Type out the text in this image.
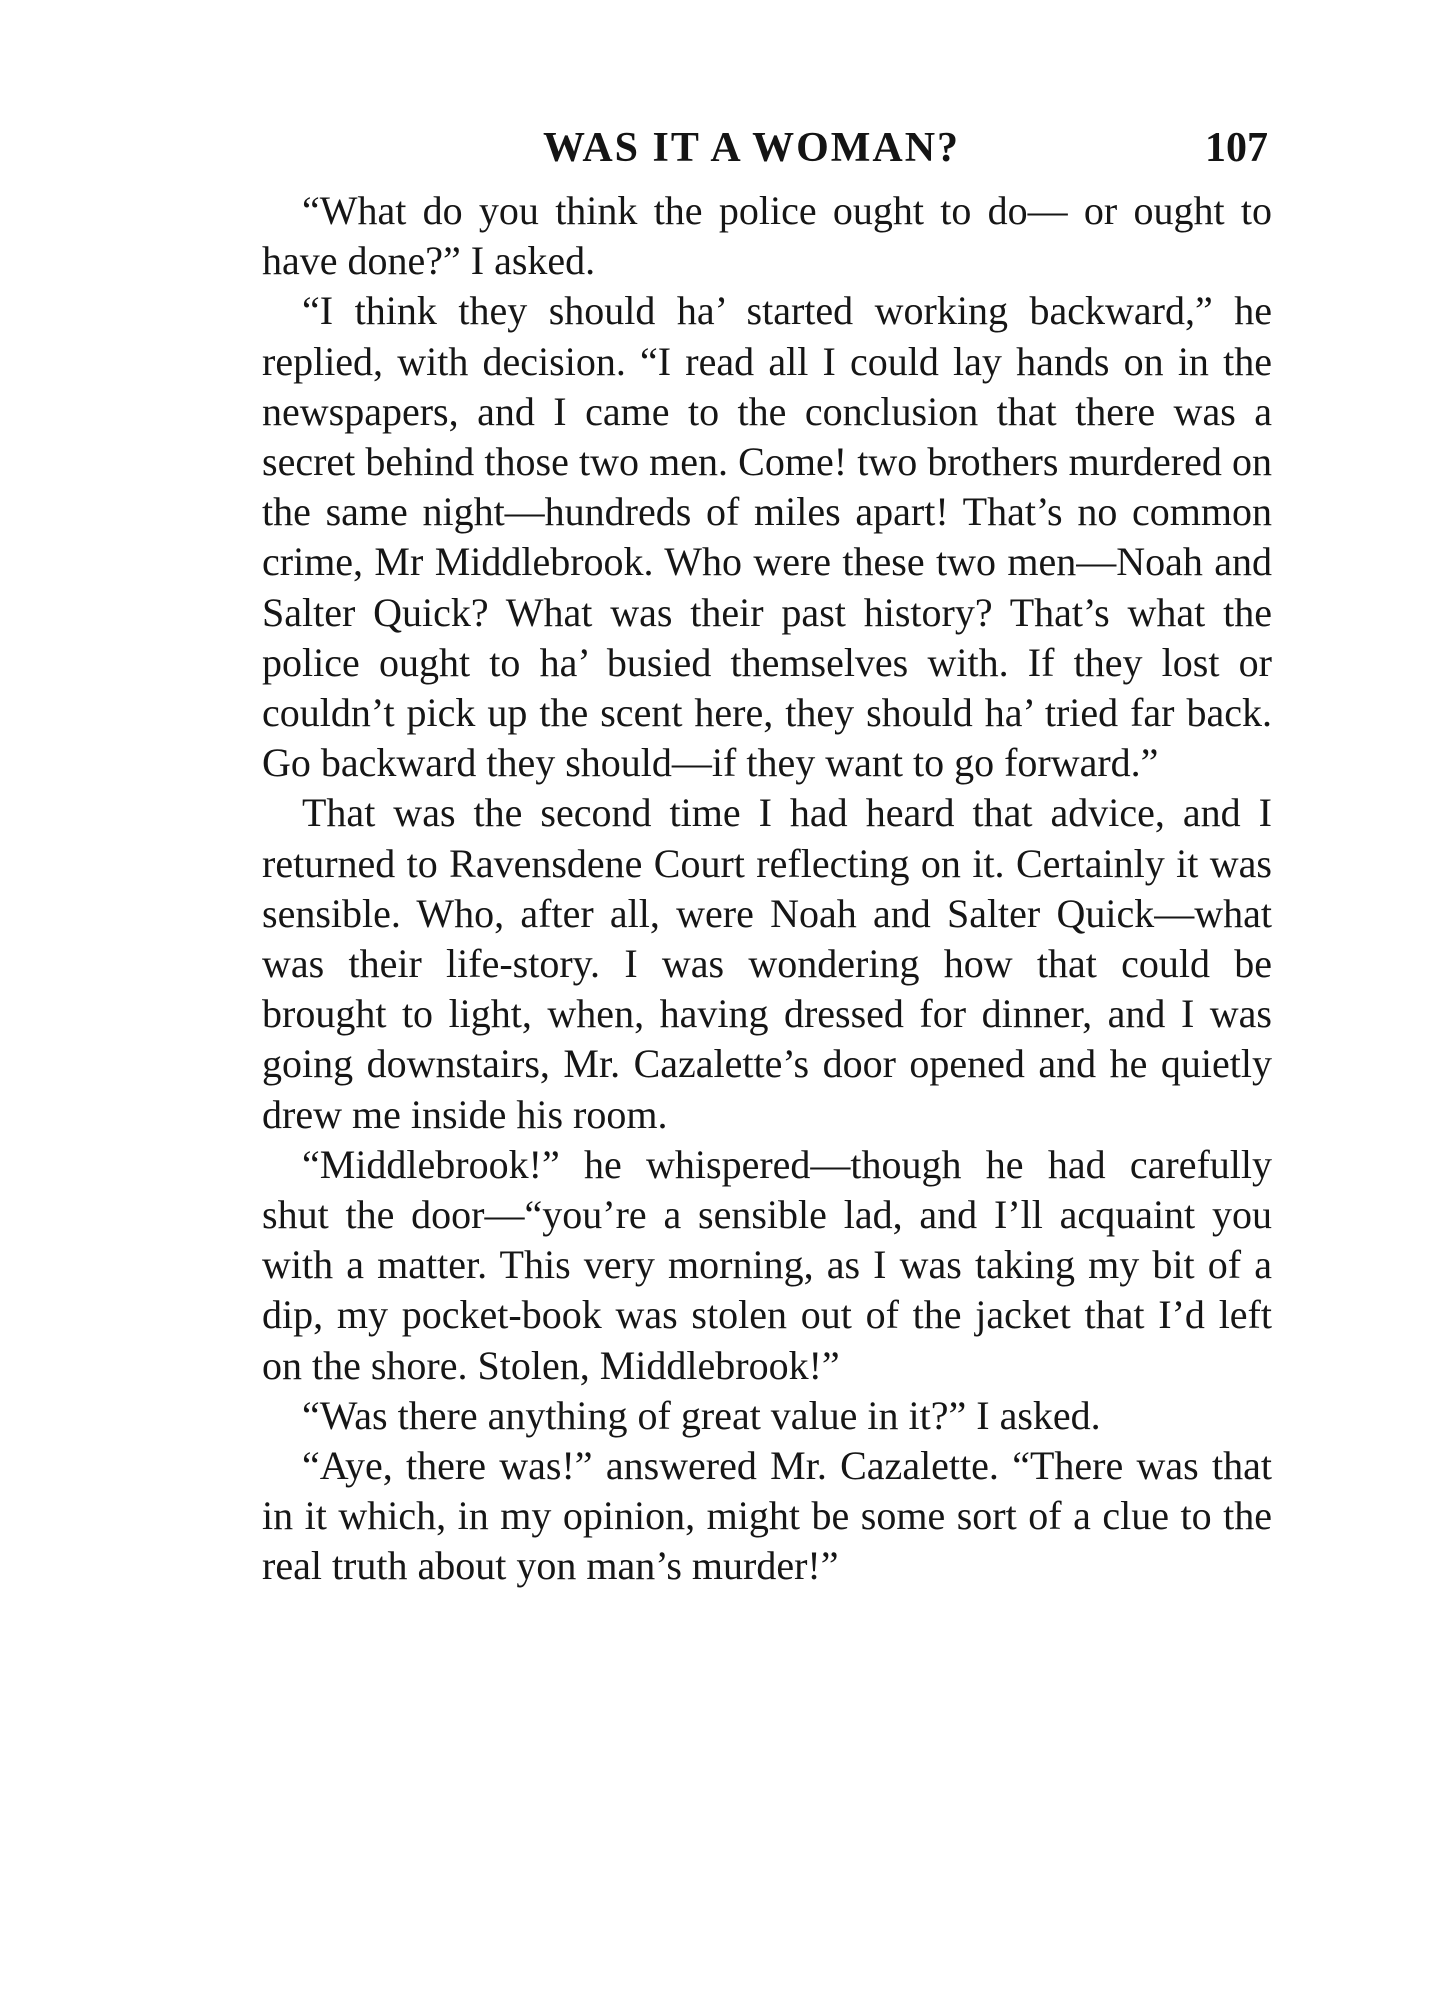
WAS IT A WOMAN?	107

“What do you think the police ought to do— or ought to have done?” I asked.

“I think they should ha’ started working backward,” he replied, with decision. “I read all I could lay hands on in the newspapers, and I came to the conclusion that there was a secret behind those two men. Come! two brothers murdered on the same night—hundreds of miles apart! That’s no common crime, Mr Middlebrook. Who were these two men—Noah and Salter Quick? What was their past history? That’s what the police ought to ha’ busied themselves with. If they lost or couldn’t pick up the scent here, they should ha’ tried far back. Go backward they should—if they want to go forward.”

That was the second time I had heard that advice, and I returned to Ravensdene Court reflecting on it. Certainly it was sensible. Who, after all, were Noah and Salter Quick—what was their life-story. I was wondering how that could be brought to light, when, having dressed for dinner, and I was going downstairs, Mr. Cazalette’s door opened and he quietly drew me inside his room.

“Middlebrook!” he whispered—though he had carefully shut the door—“you’re a sensible lad, and I’ll acquaint you with a matter. This very morning, as I was taking my bit of a dip, my pocket-book was stolen out of the jacket that I’d left on the shore. Stolen, Middlebrook!”

“Was there anything of great value in it?” I asked.

“Aye, there was!” answered Mr. Cazalette. “There was that in it which, in my opinion, might be some sort of a clue to the real truth about yon man’s murder!”
